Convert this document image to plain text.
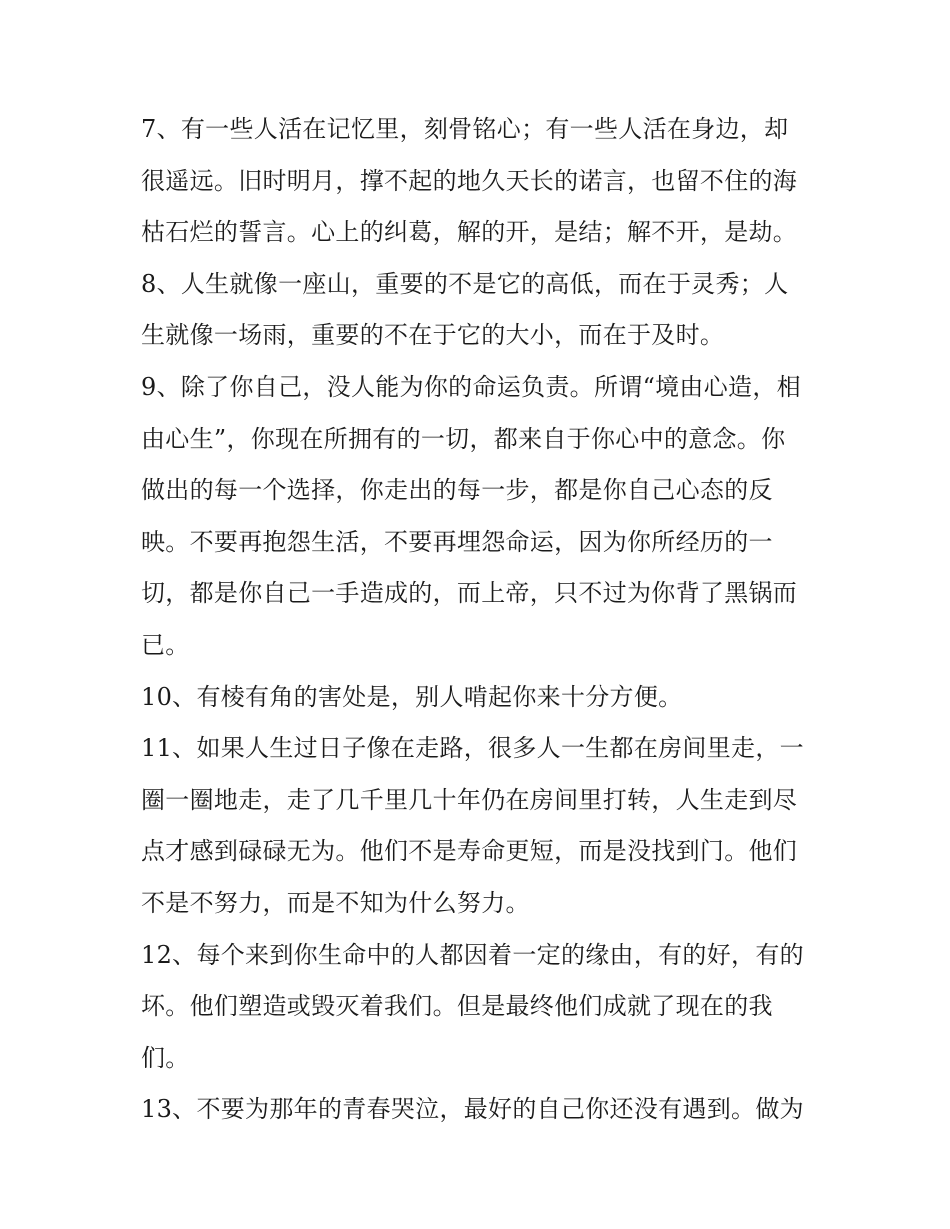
7、有一些人活在记忆里，刻骨铭心；有一些人活在身边，却
很遥远。旧时明月，撑不起的地久天长的诺言，也留不住的海
枯石烂的誓言。心上的纠葛，解的开，是结；解不开，是劫。
8、人生就像一座山，重要的不是它的高低，而在于灵秀；人
生就像一场雨，重要的不在于它的大小，而在于及时。
9、除了你自己，没人能为你的命运负责。所谓“境由心造，相
由心生”，你现在所拥有的一切，都来自于你心中的意念。你
做出的每一个选择，你走出的每一步，都是你自己心态的反
映。不要再抱怨生活，不要再埋怨命运，因为你所经历的一
切，都是你自己一手造成的，而上帝，只不过为你背了黑锅而
已。
10、有棱有角的害处是，别人啃起你来十分方便。
11、如果人生过日子像在走路，很多人一生都在房间里走，一
圈一圈地走，走了几千里几十年仍在房间里打转，人生走到尽
点才感到碌碌无为。他们不是寿命更短，而是没找到门。他们
不是不努力，而是不知为什么努力。
12、每个来到你生命中的人都因着一定的缘由，有的好，有的
坏。他们塑造或毁灭着我们。但是最终他们成就了现在的我
们。
13、不要为那年的青春哭泣，最好的自己你还没有遇到。做为
